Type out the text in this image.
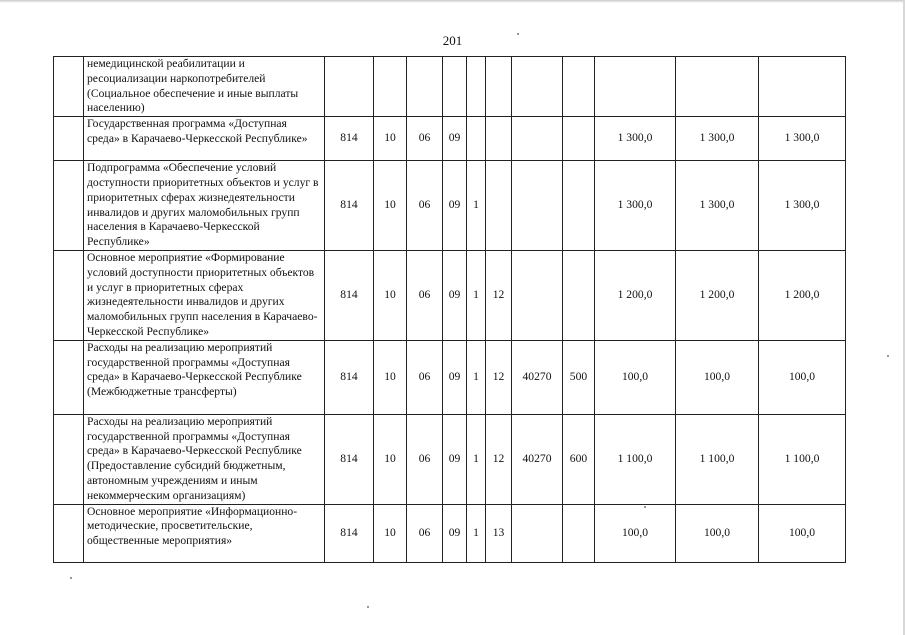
201
	немедицинской реабилитации и ресоциализации наркопотребителей (Социальное обеспечение и иные выплаты населению)											
	Государственная программа «Доступная среда» в Карачаево-Черкесской Республике»	814	10	06	09					1 300,0	1 300,0	1 300,0
	Подпрограмма «Обеспечение условий доступности приоритетных объектов и услуг в приоритетных сферах жизнедеятельности инвалидов и других маломобильных групп населения в Карачаево-Черкесской Республике»	814	10	06	09	1				1 300,0	1 300,0	1 300,0
	Основное мероприятие «Формирование условий доступности приоритетных объектов и услуг в приоритетных сферах жизнедеятельности инвалидов и других маломобильных групп населения в Карачаево-Черкесской Республике»	814	10	06	09	1	12			1 200,0	1 200,0	1 200,0
	Расходы на реализацию мероприятий государственной программы «Доступная среда» в Карачаево-Черкесской Республике (Межбюджетные трансферты)	814	10	06	09	1	12	40270	500	100,0	100,0	100,0
	Расходы на реализацию мероприятий государственной программы «Доступная среда» в Карачаево-Черкесской Республике (Предоставление субсидий бюджетным, автономным учреждениям и иным некоммерческим организациям)	814	10	06	09	1	12	40270	600	1 100,0	1 100,0	1 100,0
	Основное мероприятие «Информационно-методические, просветительские, общественные мероприятия»	814	10	06	09	1	13			100,0	100,0	100,0
